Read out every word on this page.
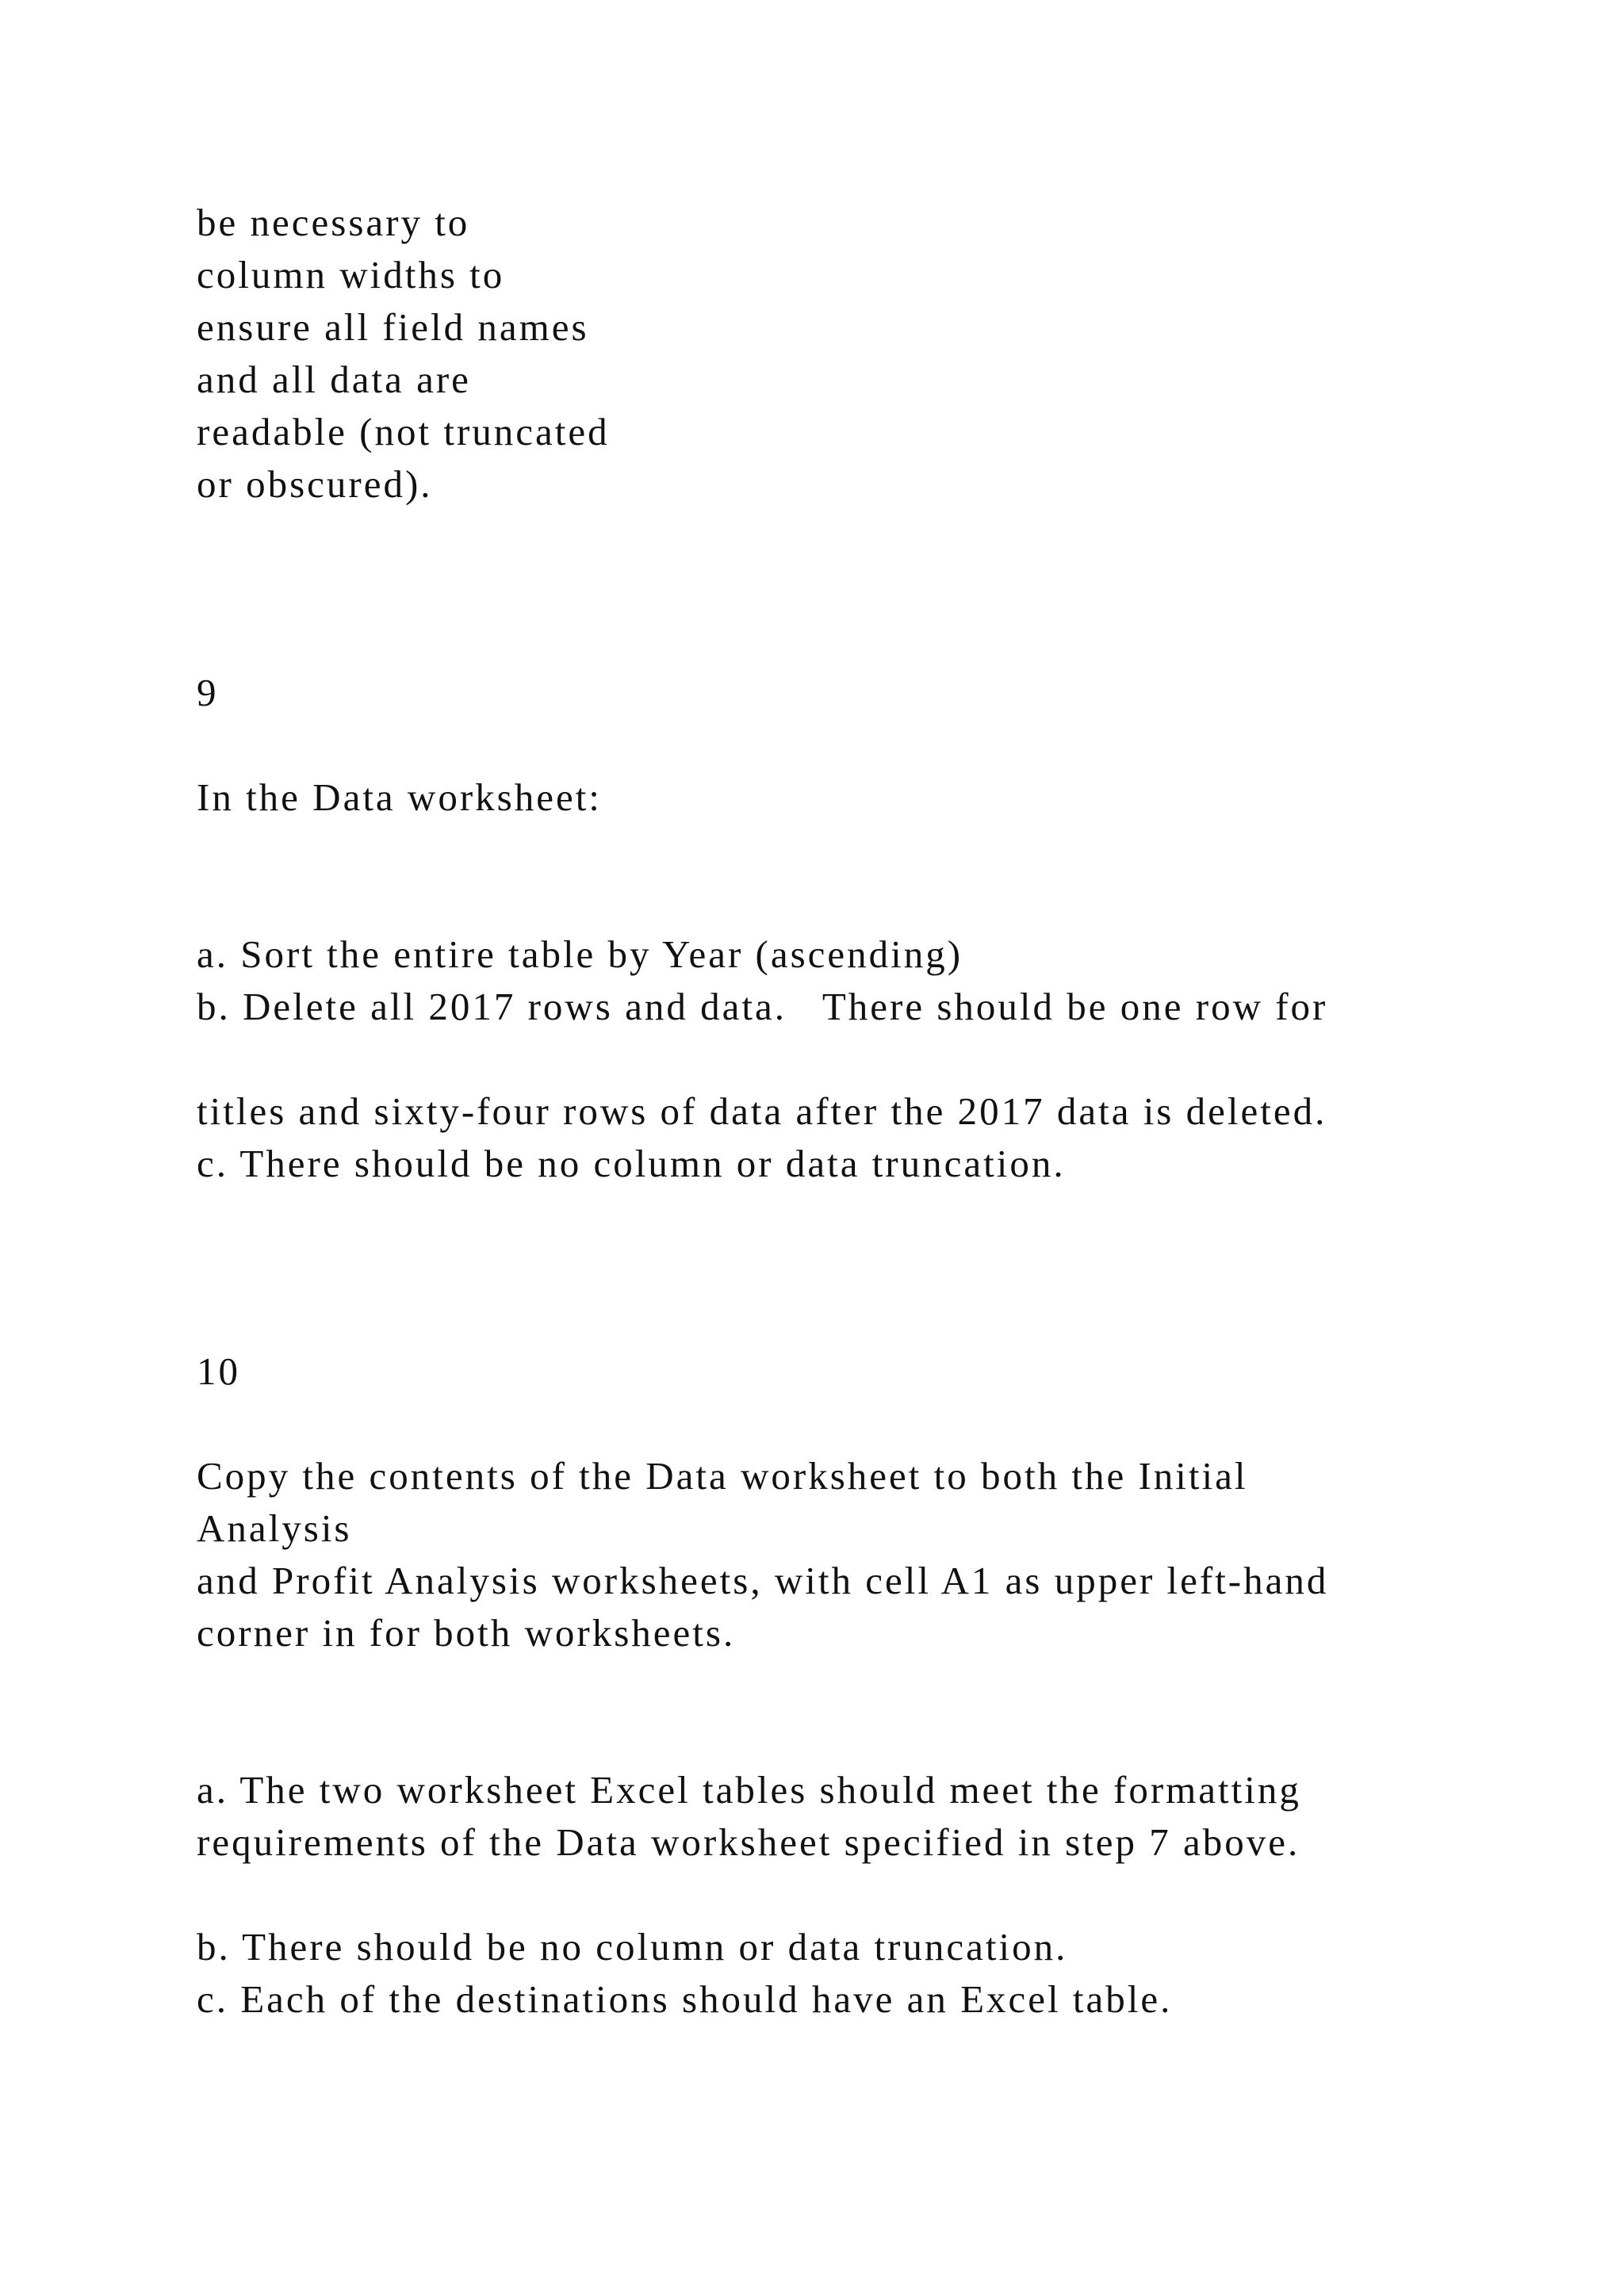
be necessary to
column widths to
ensure all field names
and all data are
readable (not truncated
or obscured).
9
In the Data worksheet:
a. Sort the entire table by Year (ascending)
b. Delete all 2017 rows and data.   There should be one row for
titles and sixty-four rows of data after the 2017 data is deleted.
c. There should be no column or data truncation.
10
Copy the contents of the Data worksheet to both the Initial
Analysis
and Profit Analysis worksheets, with cell A1 as upper left-hand
corner in for both worksheets.
a. The two worksheet Excel tables should meet the formatting
requirements of the Data worksheet specified in step 7 above.
b. There should be no column or data truncation.
c. Each of the destinations should have an Excel table.
